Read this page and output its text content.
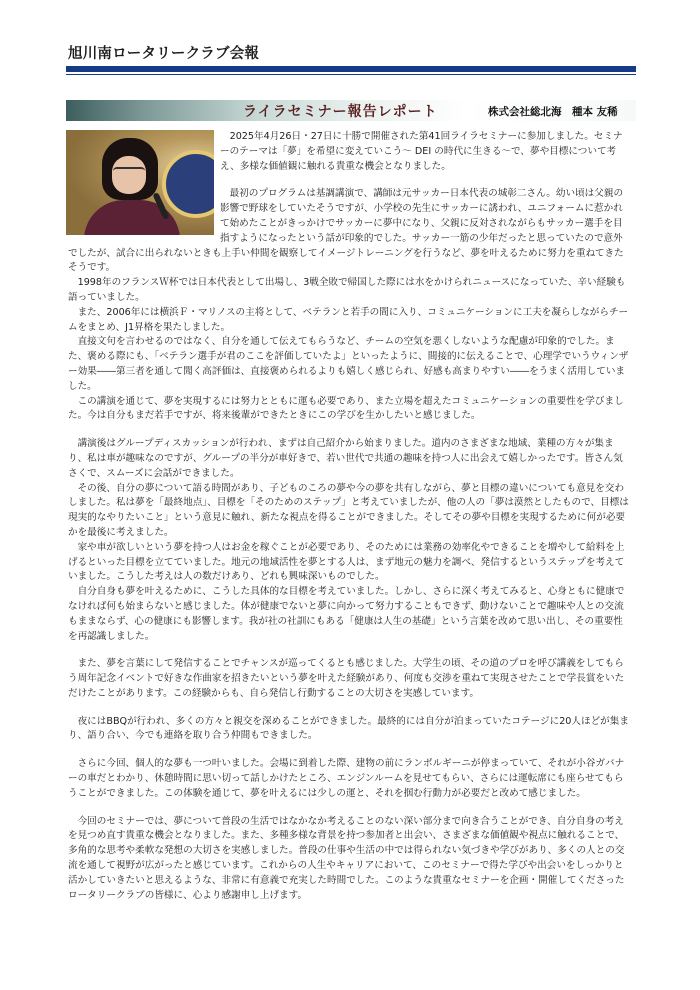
旭川南ロータリークラブ会報
ライラセミナー報告レポート	株式会社総北海　種本 友稀

　2025年4月26日・27日に十勝で開催された第41回ライラセミナーに参加しました。セミナーのテーマは「夢」を希望に変えていこう～ DEI の時代に生きる～で、夢や目標について考え、多様な価値観に触れる貴重な機会となりました。

　最初のプログラムは基調講演で、講師は元サッカー日本代表の城彰二さん。幼い頃は父親の影響で野球をしていたそうですが、小学校の先生にサッカーに誘われ、ユニフォームに惹かれて始めたことがきっかけでサッカーに夢中になり、父親に反対されながらもサッカー選手を目指すようになったという話が印象的でした。サッカー一筋の少年だったと思っていたので意外でしたが、試合に出られないときも上手い仲間を観察してイメージトレーニングを行うなど、夢を叶えるために努力を重ねてきたそうです。
　1998年のフランスＷ杯では日本代表として出場し、3戦全敗で帰国した際には水をかけられニュースになっていた、辛い経験も語っていました。
　また、2006年には横浜Ｆ・マリノスの主将として、ベテランと若手の間に入り、コミュニケーションに工夫を凝らしながらチームをまとめ、J1昇格を果たしました。
　直接文句を言わせるのではなく、自分を通して伝えてもらうなど、チームの空気を悪くしないような配慮が印象的でした。また、褒める際にも、「ベテラン選手が君のここを評価していたよ」といったように、間接的に伝えることで、心理学でいうウィンザー効果――第三者を通して聞く高評価は、直接褒められるよりも嬉しく感じられ、好感も高まりやすい――をうまく活用していました。
　この講演を通じて、夢を実現するには努力とともに運も必要であり、また立場を超えたコミュニケーションの重要性を学びました。今は自分もまだ若手ですが、将来後輩ができたときにこの学びを生かしたいと感じました。

　講演後はグループディスカッションが行われ、まずは自己紹介から始まりました。道内のさまざまな地域、業種の方々が集まり、私は車が趣味なのですが、グループの半分が車好きで、若い世代で共通の趣味を持つ人に出会えて嬉しかったです。皆さん気さくで、スムーズに会話ができました。
　その後、自分の夢について語る時間があり、子どものころの夢や今の夢を共有しながら、夢と目標の違いについても意見を交わしました。私は夢を「最終地点」、目標を「そのためのステップ」と考えていましたが、他の人の「夢は漠然としたもので、目標は現実的なやりたいこと」という意見に触れ、新たな視点を得ることができました。そしてその夢や目標を実現するために何が必要かを最後に考えました。
　家や車が欲しいという夢を持つ人はお金を稼ぐことが必要であり、そのためには業務の効率化やできることを増やして給料を上げるといった目標を立てていました。地元の地域活性を夢とする人は、まず地元の魅力を調べ、発信するというステップを考えていました。こうした考えは人の数だけあり、どれも興味深いものでした。
　自分自身も夢を叶えるために、こうした具体的な目標を考えていました。しかし、さらに深く考えてみると、心身ともに健康でなければ何も始まらないと感じました。体が健康でないと夢に向かって努力することもできず、動けないことで趣味や人との交流もままならず、心の健康にも影響します。我が社の社訓にもある「健康は人生の基礎」という言葉を改めて思い出し、その重要性を再認識しました。

　また、夢を言葉にして発信することでチャンスが巡ってくるとも感じました。大学生の頃、その道のプロを呼び講義をしてもらう周年記念イベントで好きな作曲家を招きたいという夢を叶えた経験があり、何度も交渉を重ねて実現させたことで学長賞をいただけたことがあります。この経験からも、自ら発信し行動することの大切さを実感しています。

　夜にはBBQが行われ、多くの方々と親交を深めることができました。最終的には自分が泊まっていたコテージに20人ほどが集まり、語り合い、今でも連絡を取り合う仲間もできました。

　さらに今回、個人的な夢も一つ叶いました。会場に到着した際、建物の前にランボルギーニが停まっていて、それが小谷ガバナーの車だとわかり、休憩時間に思い切って話しかけたところ、エンジンルームを見せてもらい、さらには運転席にも座らせてもらうことができました。この体験を通じて、夢を叶えるには少しの運と、それを掴む行動力が必要だと改めて感じました。

　今回のセミナーでは、夢について普段の生活ではなかなか考えることのない深い部分まで向き合うことができ、自分自身の考えを見つめ直す貴重な機会となりました。また、多種多様な背景を持つ参加者と出会い、さまざまな価値観や視点に触れることで、多角的な思考や柔軟な発想の大切さを実感しました。普段の仕事や生活の中では得られない気づきや学びがあり、多くの人との交流を通して視野が広がったと感じています。これからの人生やキャリアにおいて、このセミナーで得た学びや出会いをしっかりと活かしていきたいと思えるような、非常に有意義で充実した時間でした。このような貴重なセミナーを企画・開催してくださったロータリークラブの皆様に、心より感謝申し上げます。
